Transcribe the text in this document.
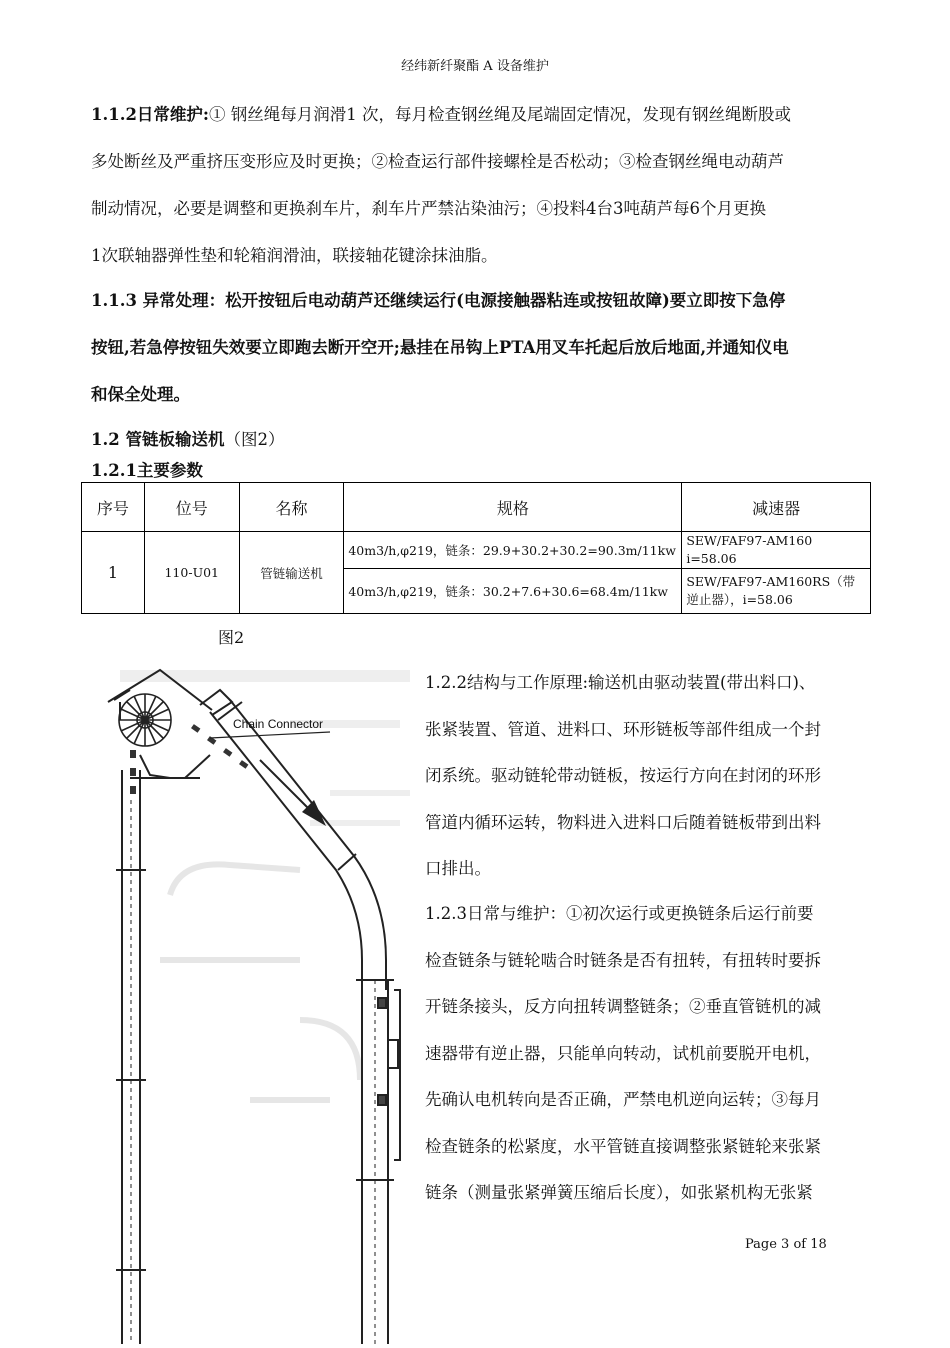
经纬新纤聚酯 A 设备维护
1.1.2日常维护:① 钢丝绳每月润滑1 次，每月检查钢丝绳及尾端固定情况，发现有钢丝绳断股或
多处断丝及严重挤压变形应及时更换；②检查运行部件接螺栓是否松动；③检查钢丝绳电动葫芦
制动情况，必要是调整和更换刹车片，刹车片严禁沾染油污；④投料4台3吨葫芦每6个月更换
1次联轴器弹性垫和轮箱润滑油，联接轴花键涂抹油脂。
1.1.3 异常处理：松开按钮后电动葫芦还继续运行(电源接触器粘连或按钮故障)要立即按下急停
按钮,若急停按钮失效要立即跑去断开空开;悬挂在吊钩上PTA用叉车托起后放后地面,并通知仪电
和保全处理。
1.2 管链板输送机（图2）
1.2.1主要参数
序号	位号	名称	规格	减速器
1	110-U01	管链输送机	40m3/h,φ219，链条：29.9+30.2+30.2=90.3m/11kw	SEW/FAF97-AM160 i=58.06
			40m3/h,φ219，链条：30.2+7.6+30.6=68.4m/11kw	SEW/FAF97-AM160RS（带逆止器），i=58.06
图2
Chain Connector
1.2.2结构与工作原理:输送机由驱动装置(带出料口)、
张紧装置、管道、进料口、环形链板等部件组成一个封
闭系统。驱动链轮带动链板，按运行方向在封闭的环形
管道内循环运转，物料进入进料口后随着链板带到出料
口排出。
1.2.3日常与维护：①初次运行或更换链条后运行前要
检查链条与链轮啮合时链条是否有扭转，有扭转时要拆
开链条接头，反方向扭转调整链条；②垂直管链机的减
速器带有逆止器，只能单向转动，试机前要脱开电机，
先确认电机转向是否正确，严禁电机逆向运转；③每月
检查链条的松紧度，水平管链直接调整张紧链轮来张紧
链条（测量张紧弹簧压缩后长度），如张紧机构无张紧
Page 3 of 18
